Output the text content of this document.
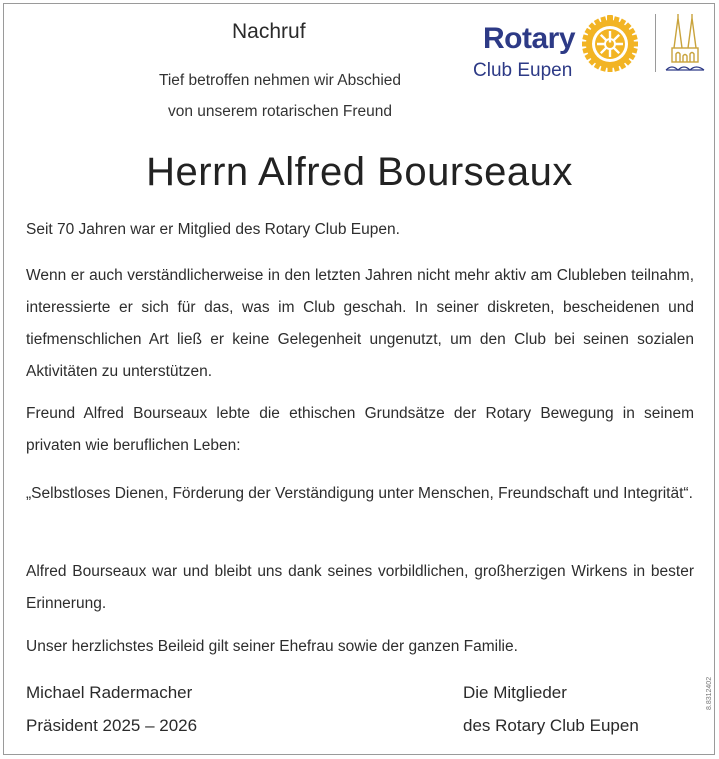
Nachruf
Tief betroffen nehmen wir Abschied
von unserem rotarischen Freund
Rotary
Club Eupen
Herrn Alfred Bourseaux
Seit 70 Jahren war er Mitglied des Rotary Club Eupen.
Wenn er auch verständlicherweise in den letzten Jahren nicht mehr aktiv am Clubleben teilnahm, interessierte er sich für das, was im Club geschah. In seiner diskreten, bescheidenen und tiefmenschlichen Art ließ er keine Gelegenheit ungenutzt, um den Club bei seinen sozialen Aktivitäten zu unterstützen.
Freund Alfred Bourseaux lebte die ethischen Grundsätze der Rotary Bewegung in seinem privaten wie beruflichen Leben:
„Selbstloses Dienen, Förderung der Verständigung unter Menschen, Freundschaft und Integrität“.
Alfred Bourseaux war und bleibt uns dank seines vorbildlichen, großherzigen Wirkens in bester Erinnerung.
Unser herzlichstes Beileid gilt seiner Ehefrau sowie der ganzen Familie.
Michael Radermacher
Präsident 2025 – 2026
Die Mitglieder
des Rotary Club Eupen
8.8312402
